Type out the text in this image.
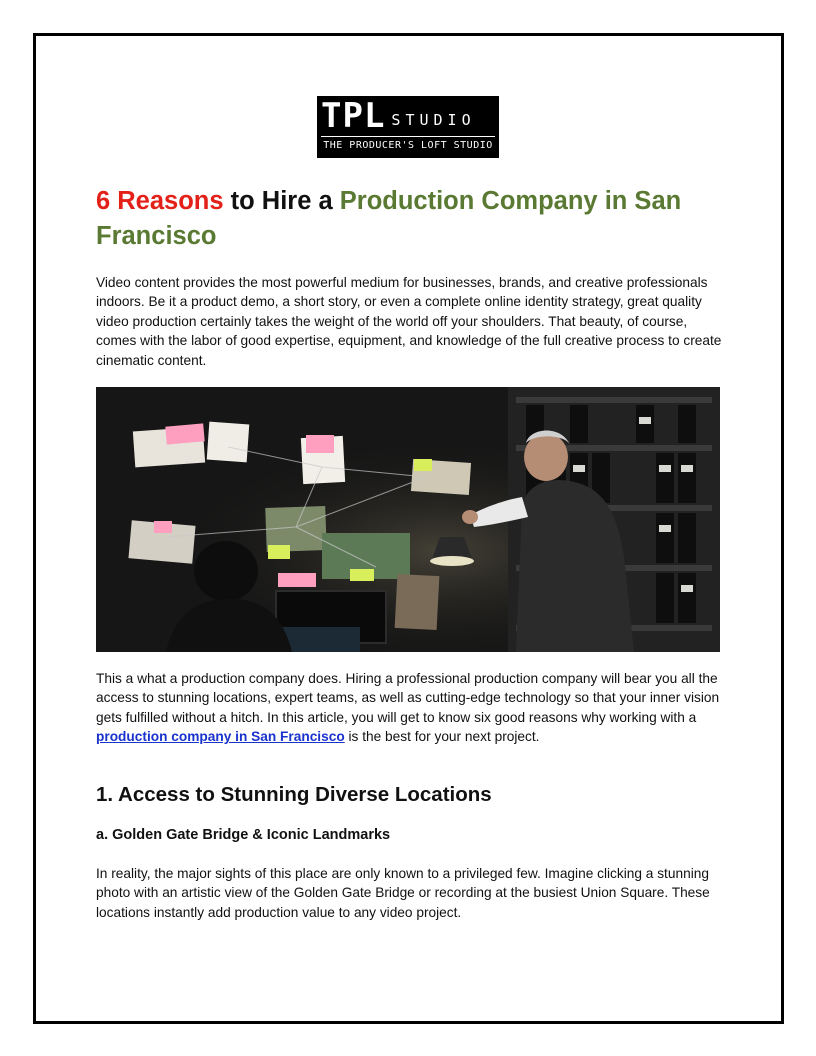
TPL STUDIO
THE PRODUCER'S LOFT STUDIO
6 Reasons to Hire a Production Company in San Francisco

Video content provides the most powerful medium for businesses, brands, and creative professionals indoors. Be it a product demo, a short story, or even a complete online identity strategy, great quality video production certainly takes the weight of the world off your shoulders. That beauty, of course, comes with the labor of good expertise, equipment, and knowledge of the full creative process to create cinematic content.

This a what a production company does. Hiring a professional production company will bear you all the access to stunning locations, expert teams, as well as cutting-edge technology so that your inner vision gets fulfilled without a hitch. In this article, you will get to know six good reasons why working with a production company in San Francisco is the best for your next project.

1. Access to Stunning Diverse Locations
a. Golden Gate Bridge & Iconic Landmarks

In reality, the major sights of this place are only known to a privileged few. Imagine clicking a stunning photo with an artistic view of the Golden Gate Bridge or recording at the busiest Union Square. These locations instantly add production value to any video project.
